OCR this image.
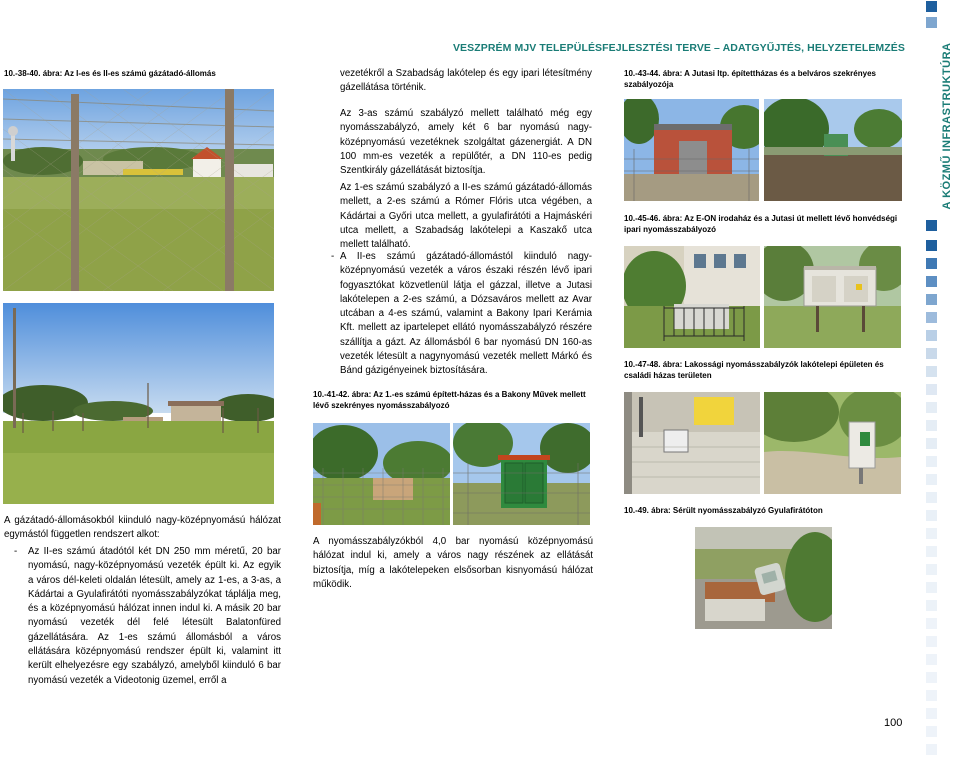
VESZPRÉM MJV TELEPÜLÉSFEJLESZTÉSI TERVE – ADATGYŰJTÉS, HELYZETELEMZÉS	A KÖZMŰ INFRASTRUKTÚRA
10.-38-40. ábra: Az I-es és II-es számú gázátadó-állomás
A gázátadó-állomásokból kiinduló nagy-középnyomású hálózat egymástól független rendszert alkot:
-	Az II-es számú átadótól két DN 250 mm méretű, 20 bar nyomású, nagy-középnyomású vezeték épült ki. Az egyik a város dél-keleti oldalán létesült, amely az 1-es, a 3-as, a Kádártai a Gyulafirátóti nyomásszabályzókat táplálja meg, és a középnyomású hálózat innen indul ki. A másik 20 bar nyomású vezeték dél felé létesült Balatonfüred gázellátására. Az 1-es számú állomásból a város ellátására középnyomású rendszer épült ki, valamint itt került elhelyezésre egy szabályzó, amelyből kiinduló 6 bar nyomású vezeték a Videotonig üzemel, erről a
vezetékről a Szabadság lakótelep és egy ipari létesítmény gázellátása történik.
Az 3-as számú szabályzó mellett található még egy nyomásszabályzó, amely két 6 bar nyomású nagy-középnyomású vezetéknek szolgáltat gázenergiát. A DN 100 mm-es vezeték a repülőtér, a DN 110-es pedig Szentkirály gázellátását biztosítja.
Az 1-es számú szabályzó a II-es számú gázátadó-állomás mellett, a 2-es számú a Rómer Flóris utca végében, a Kádártai a Győri utca mellett, a gyulafirátóti a Hajmáskéri utca mellett, a Szabadság lakótelepi a Kaszakő utca mellett található.
- A II-es számú gázátadó-állomástól kiinduló nagy-középnyomású vezeték a város északi részén lévő ipari fogyasztókat közvetlenül látja el gázzal, illetve a Jutasi lakótelepen a 2-es számú, a Dózsaváros mellett az Avar utcában a 4-es számú, valamint a Bakony Ipari Kerámia Kft. mellett az ipartelepet ellátó nyomásszabályzó részére szállítja a gázt. Az állomásból 6 bar nyomású DN 160-as vezeték létesült a nagynyomású vezeték mellett Márkó és Bánd gázigényeinek biztosítására.
10.-41-42. ábra: Az 1.-es számú épített-házas és a Bakony Művek mellett lévő szekrényes nyomásszabályozó
A nyomásszabályzókból 4,0 bar nyomású középnyomású hálózat indul ki, amely a város nagy részének az ellátását biztosítja, míg a lakótelepeken elsősorban kisnyomású hálózat működik.
10.-43-44. ábra: A Jutasi ltp. építettházas és a belváros szekrényes szabályozója
10.-45-46. ábra: Az E-ON irodaház és a Jutasi út mellett lévő honvédségi ipari nyomásszabályozó
10.-47-48. ábra: Lakossági nyomásszabályzók lakótelepi épületen és családi házas területen
10.-49. ábra: Sérült nyomásszabályzó Gyulafirátóton
100
